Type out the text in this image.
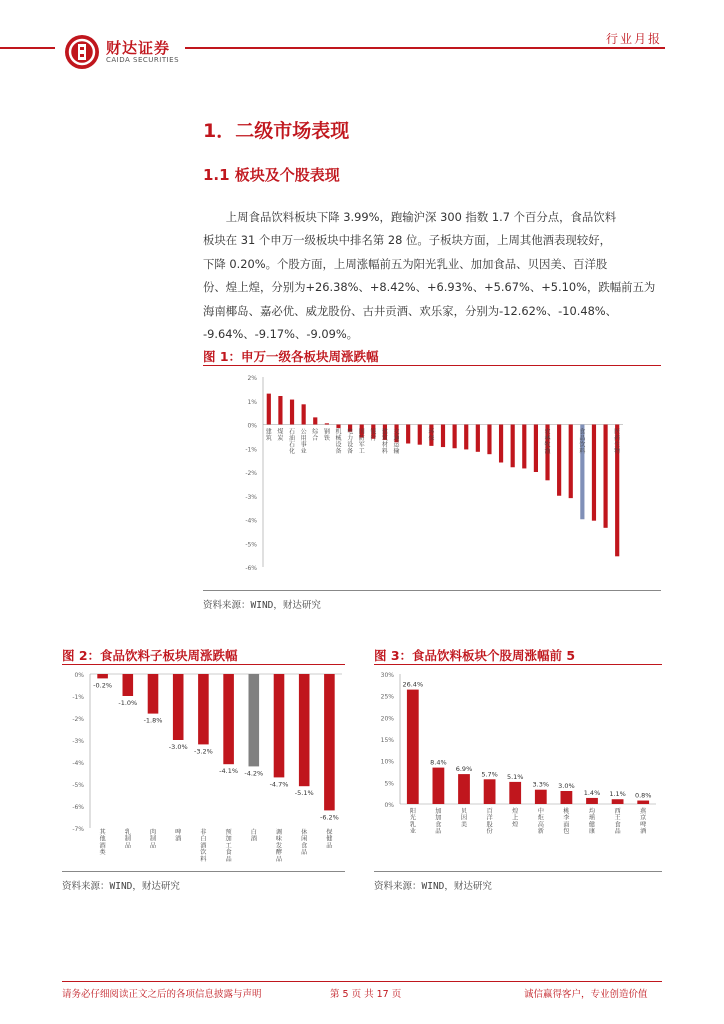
财达证券
CAIDA SECURITIES
行业月报
1．二级市场表现
1.1 板块及个股表现
　　上周食品饮料板块下降 3.99%，跑输沪深 300 指数 1.7 个百分点，食品饮料
板块在 31 个申万一级板块中排名第 28 位。子板块方面，上周其他酒表现较好，
下降 0.20%。个股方面，上周涨幅前五为阳光乳业、加加食品、贝因美、百洋股
份、煌上煌，分别为+26.38%、+8.42%、+6.93%、+5.67%、+5.10%，跌幅前五为
海南椰岛、嘉必优、威龙股份、古井贡酒、欢乐家，分别为-12.62%、-10.48%、
-9.64%、-9.17%、-9.09%。
图 1：申万一级各板块周涨跌幅
2%
1%
0%
-1%
-2%
-3%
-4%
-5%
-6%
建筑
煤炭
石油石化
公用事业
综合
钢铁
机械设备
电力设备
国防军工
银行
建筑材料
交通运输
环保
农林牧渔
食品饮料
医药生物
资料来源：WIND，财达研究
图 2：食品饮料子板块周涨跌幅
0%
-1%
-2%
-3%
-4%
-5%
-6%
-7%
-0.2%
其他酒类
-1.0%
乳制品
-1.8%
肉制品
-3.0%
啤酒
-3.2%
非白酒饮料
-4.1%
预加工食品
-4.2%
白酒
-4.7%
调味发酵品
-5.1%
休闲食品
-6.2%
保健品
资料来源：WIND，财达研究
图 3：食品饮料板块个股周涨幅前 5
30%
25%
20%
15%
10%
5%
0%
26.4%
阳光乳业
8.4%
加加食品
6.9%
贝因美
5.7%
百洋股份
5.1%
煌上煌
3.3%
中炬高新
3.0%
桃李面包
1.4%
均瑶健康
1.1%
西王食品
0.8%
燕京啤酒
资料来源：WIND，财达研究
请务必仔细阅读正文之后的各项信息披露与声明	第 5 页 共 17 页	诚信赢得客户，专业创造价值
